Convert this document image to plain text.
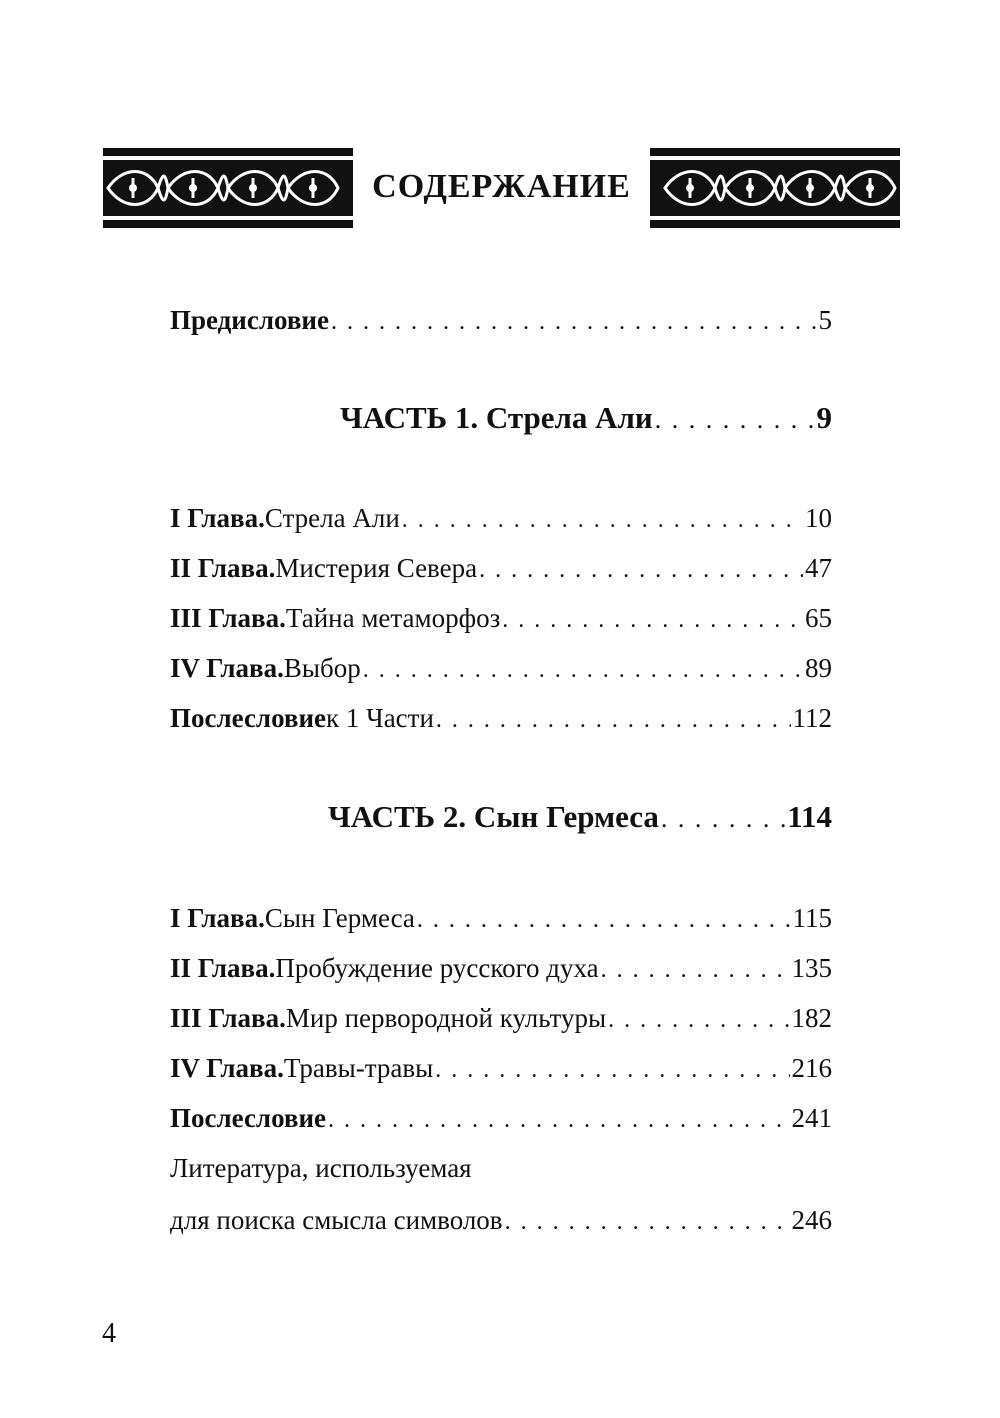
СОДЕРЖАНИЕ
Предисловие . . .	5
ЧАСТЬ 1. Стрела Али . . .	9
I Глава. Стрела Али . . .	10
II Глава. Мистерия Севера . . .	47
III Глава. Тайна метаморфоз . . .	65
IV Глава. Выбор . . .	89
Послесловие к 1 Части . . .	112
ЧАСТЬ 2. Сын Гермеса . . .	114
I Глава. Сын Гермеса . . .	115
II Глава. Пробуждение русского духа . . .	135
III Глава. Мир первородной культуры . . .	182
IV Глава. Травы-травы . . .	216
Послесловие . . .	241
Литература, используемая
для поиска смысла символов . . .	246
4
